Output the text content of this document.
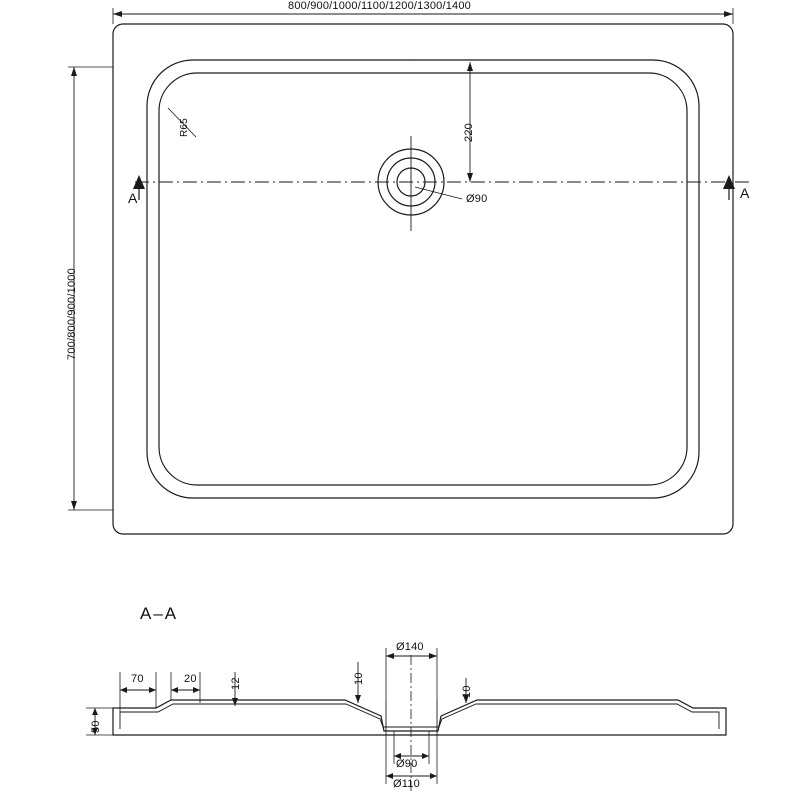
800/900/1000/1100/1200/1300/1400
700/800/900/1000
R65	220
Ø90
A	A
A–A
70	20	12	10
10
50
Ø140
Ø90
Ø110
